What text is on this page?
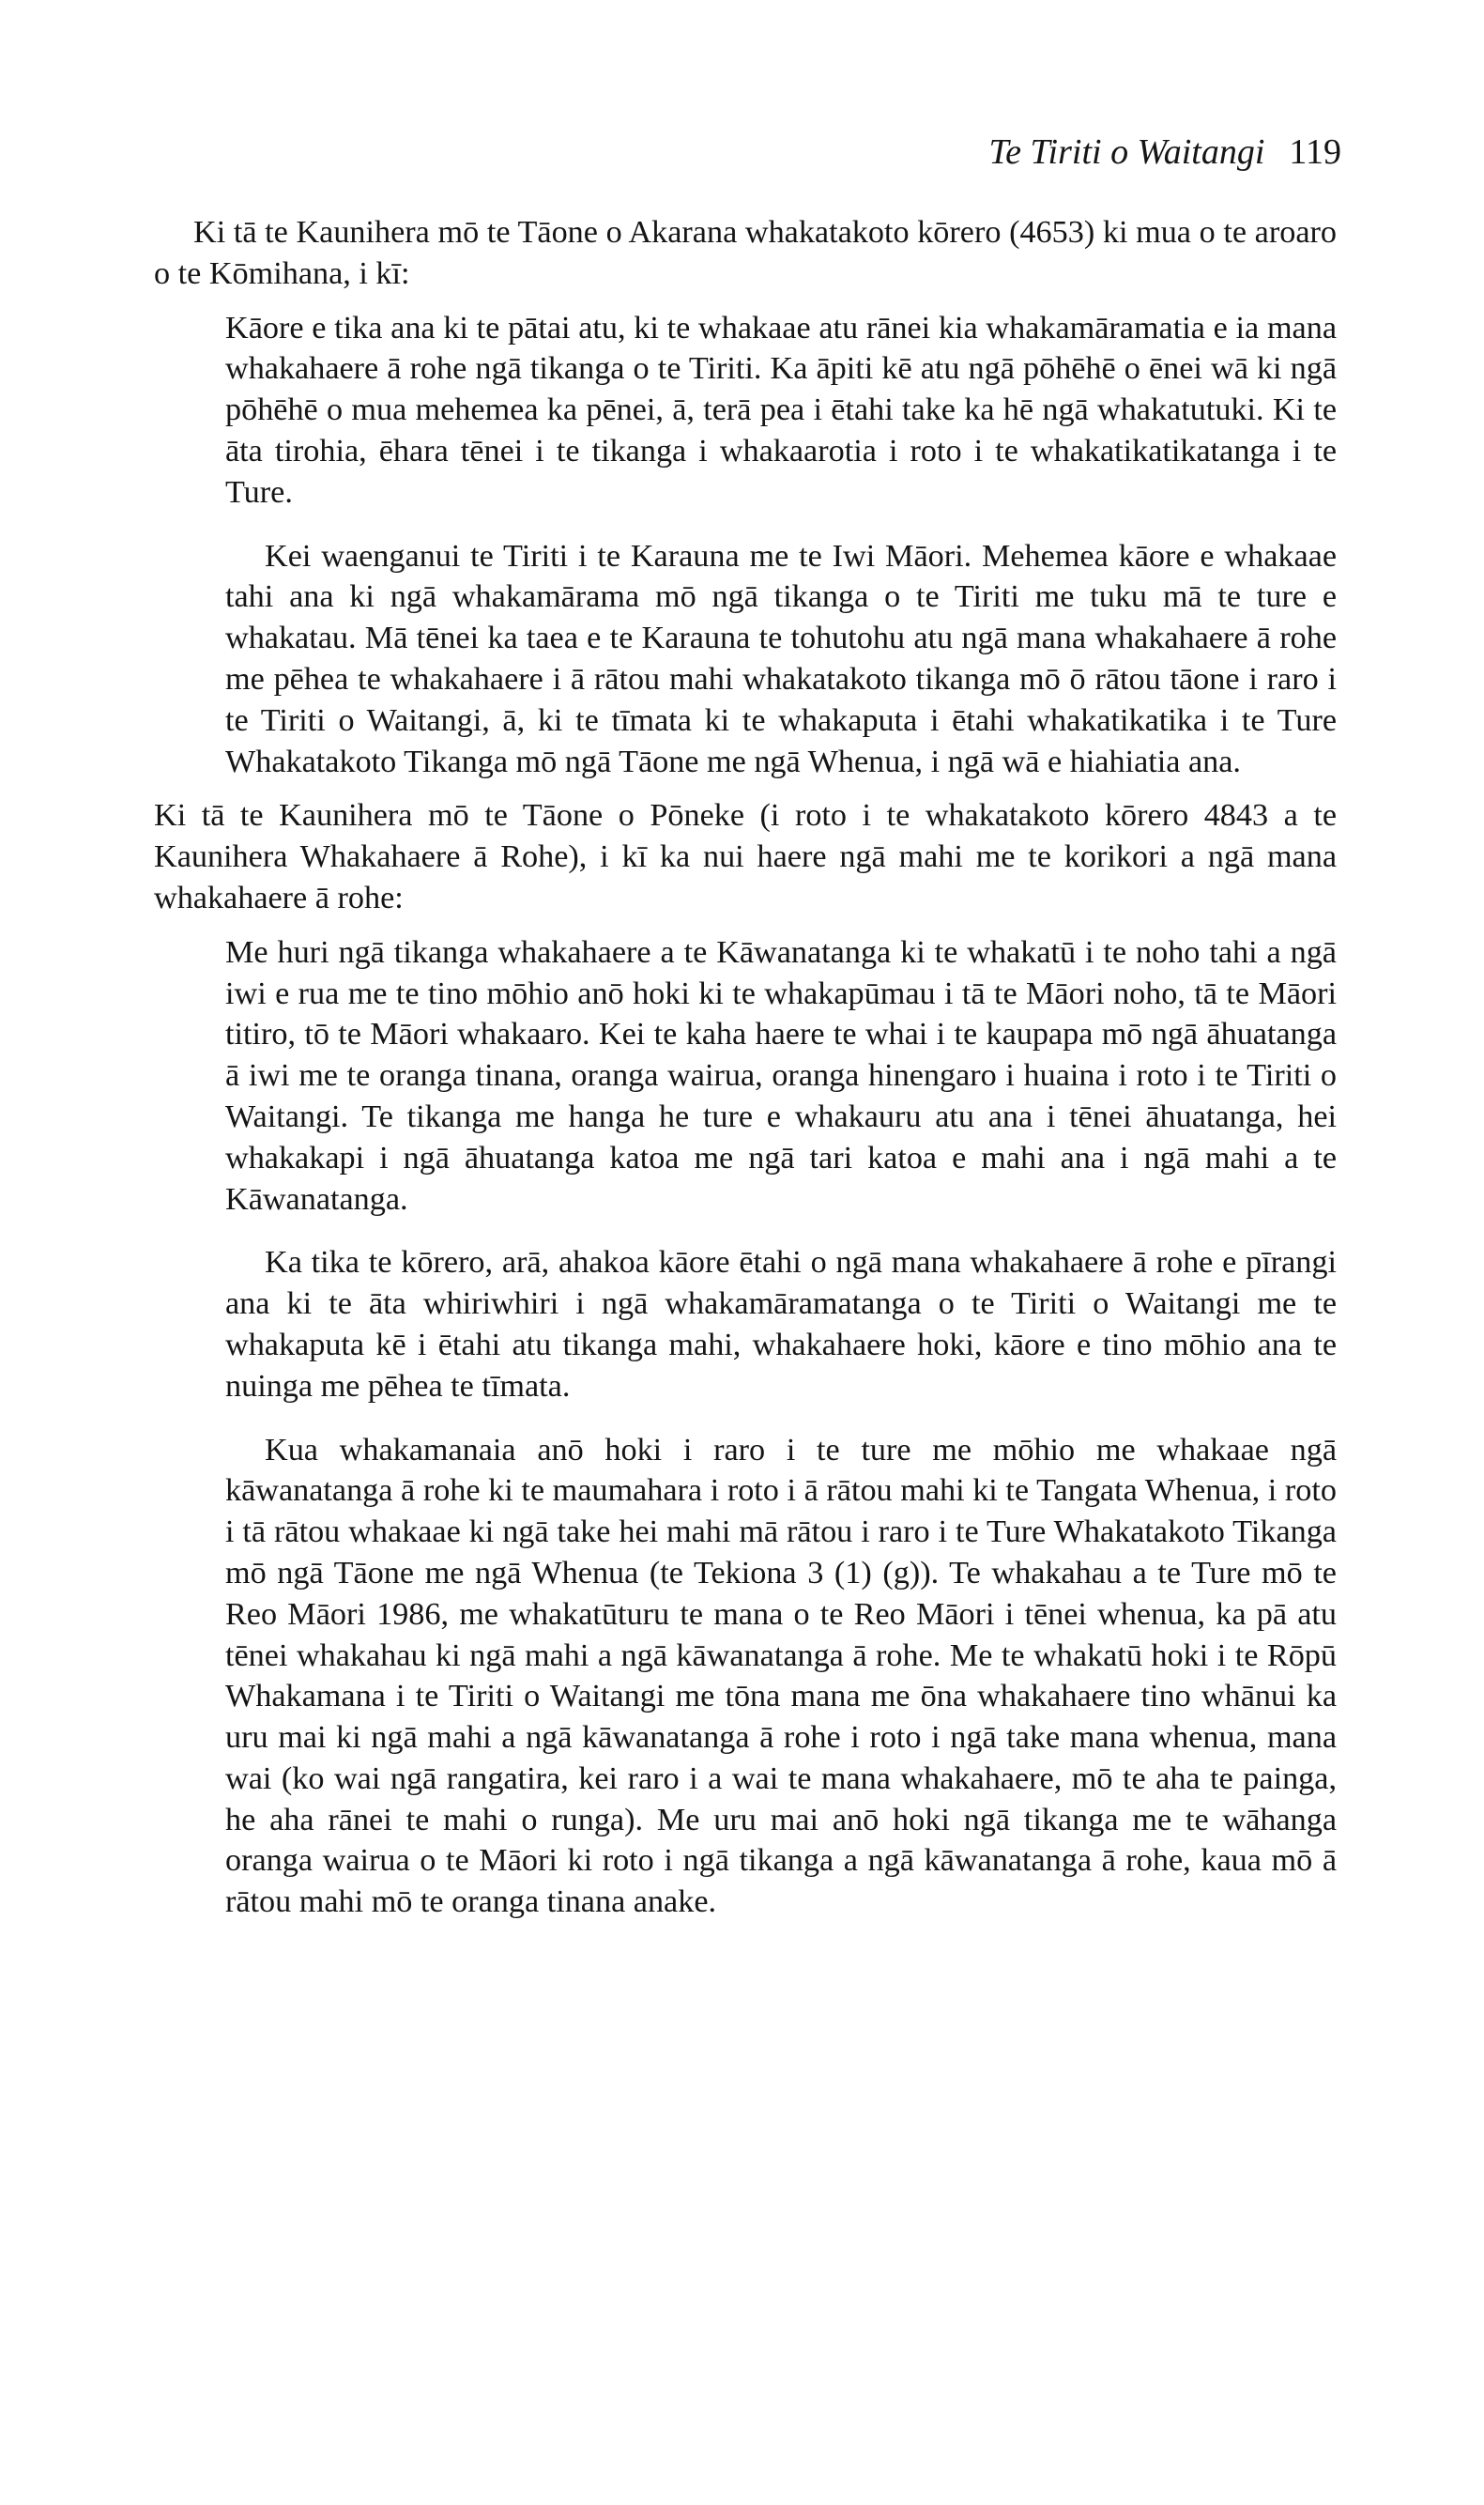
Te Tiriti o Waitangi 119

Ki tā te Kaunihera mō te Tāone o Akarana whakatakoto kōrero (4653) ki mua o te aroaro o te Kōmihana, i kī:

Kāore e tika ana ki te pātai atu, ki te whakaae atu rānei kia whakamāramatia e ia mana whakahaere ā rohe ngā tikanga o te Tiriti. Ka āpiti kē atu ngā pōhēhē o ēnei wā ki ngā pōhēhē o mua mehemea ka pēnei, ā, terā pea i ētahi take ka hē ngā whakatutuki. Ki te āta tirohia, ēhara tēnei i te tikanga i whakaarotia i roto i te whakatikatikatanga i te Ture.

Kei waenganui te Tiriti i te Karauna me te Iwi Māori. Mehemea kāore e whakaae tahi ana ki ngā whakamārama mō ngā tikanga o te Tiriti me tuku mā te ture e whakatau. Mā tēnei ka taea e te Karauna te tohutohu atu ngā mana whakahaere ā rohe me pēhea te whakahaere i ā rātou mahi whakatakoto tikanga mō ō rātou tāone i raro i te Tiriti o Waitangi, ā, ki te tīmata ki te whakaputa i ētahi whakatikatika i te Ture Whakatakoto Tikanga mō ngā Tāone me ngā Whenua, i ngā wā e hiahiatia ana.

Ki tā te Kaunihera mō te Tāone o Pōneke (i roto i te whakatakoto kōrero 4843 a te Kaunihera Whakahaere ā Rohe), i kī ka nui haere ngā mahi me te korikori a ngā mana whakahaere ā rohe:

Me huri ngā tikanga whakahaere a te Kāwanatanga ki te whakatū i te noho tahi a ngā iwi e rua me te tino mōhio anō hoki ki te whakapūmau i tā te Māori noho, tā te Māori titiro, tō te Māori whakaaro. Kei te kaha haere te whai i te kaupapa mō ngā āhuatanga ā iwi me te oranga tinana, oranga wairua, oranga hinengaro i huaina i roto i te Tiriti o Waitangi. Te tikanga me hanga he ture e whakauru atu ana i tēnei āhuatanga, hei whakakapi i ngā āhuatanga katoa me ngā tari katoa e mahi ana i ngā mahi a te Kāwanatanga.

Ka tika te kōrero, arā, ahakoa kāore ētahi o ngā mana whakahaere ā rohe e pīrangi ana ki te āta whiriwhiri i ngā whakamāramatanga o te Tiriti o Waitangi me te whakaputa kē i ētahi atu tikanga mahi, whakahaere hoki, kāore e tino mōhio ana te nuinga me pēhea te tīmata.

Kua whakamanaia anō hoki i raro i te ture me mōhio me whakaae ngā kāwanatanga ā rohe ki te maumahara i roto i ā rātou mahi ki te Tangata Whenua, i roto i tā rātou whakaae ki ngā take hei mahi mā rātou i raro i te Ture Whakatakoto Tikanga mō ngā Tāone me ngā Whenua (te Tekiona 3 (1) (g)). Te whakahau a te Ture mō te Reo Māori 1986, me whakatūturu te mana o te Reo Māori i tēnei whenua, ka pā atu tēnei whakahau ki ngā mahi a ngā kāwanatanga ā rohe. Me te whakatū hoki i te Rōpū Whakamana i te Tiriti o Waitangi me tōna mana me ōna whakahaere tino whānui ka uru mai ki ngā mahi a ngā kāwanatanga ā rohe i roto i ngā take mana whenua, mana wai (ko wai ngā rangatira, kei raro i a wai te mana whakahaere, mō te aha te painga, he aha rānei te mahi o runga). Me uru mai anō hoki ngā tikanga me te wāhanga oranga wairua o te Māori ki roto i ngā tikanga a ngā kāwanatanga ā rohe, kaua mō ā rātou mahi mō te oranga tinana anake.
